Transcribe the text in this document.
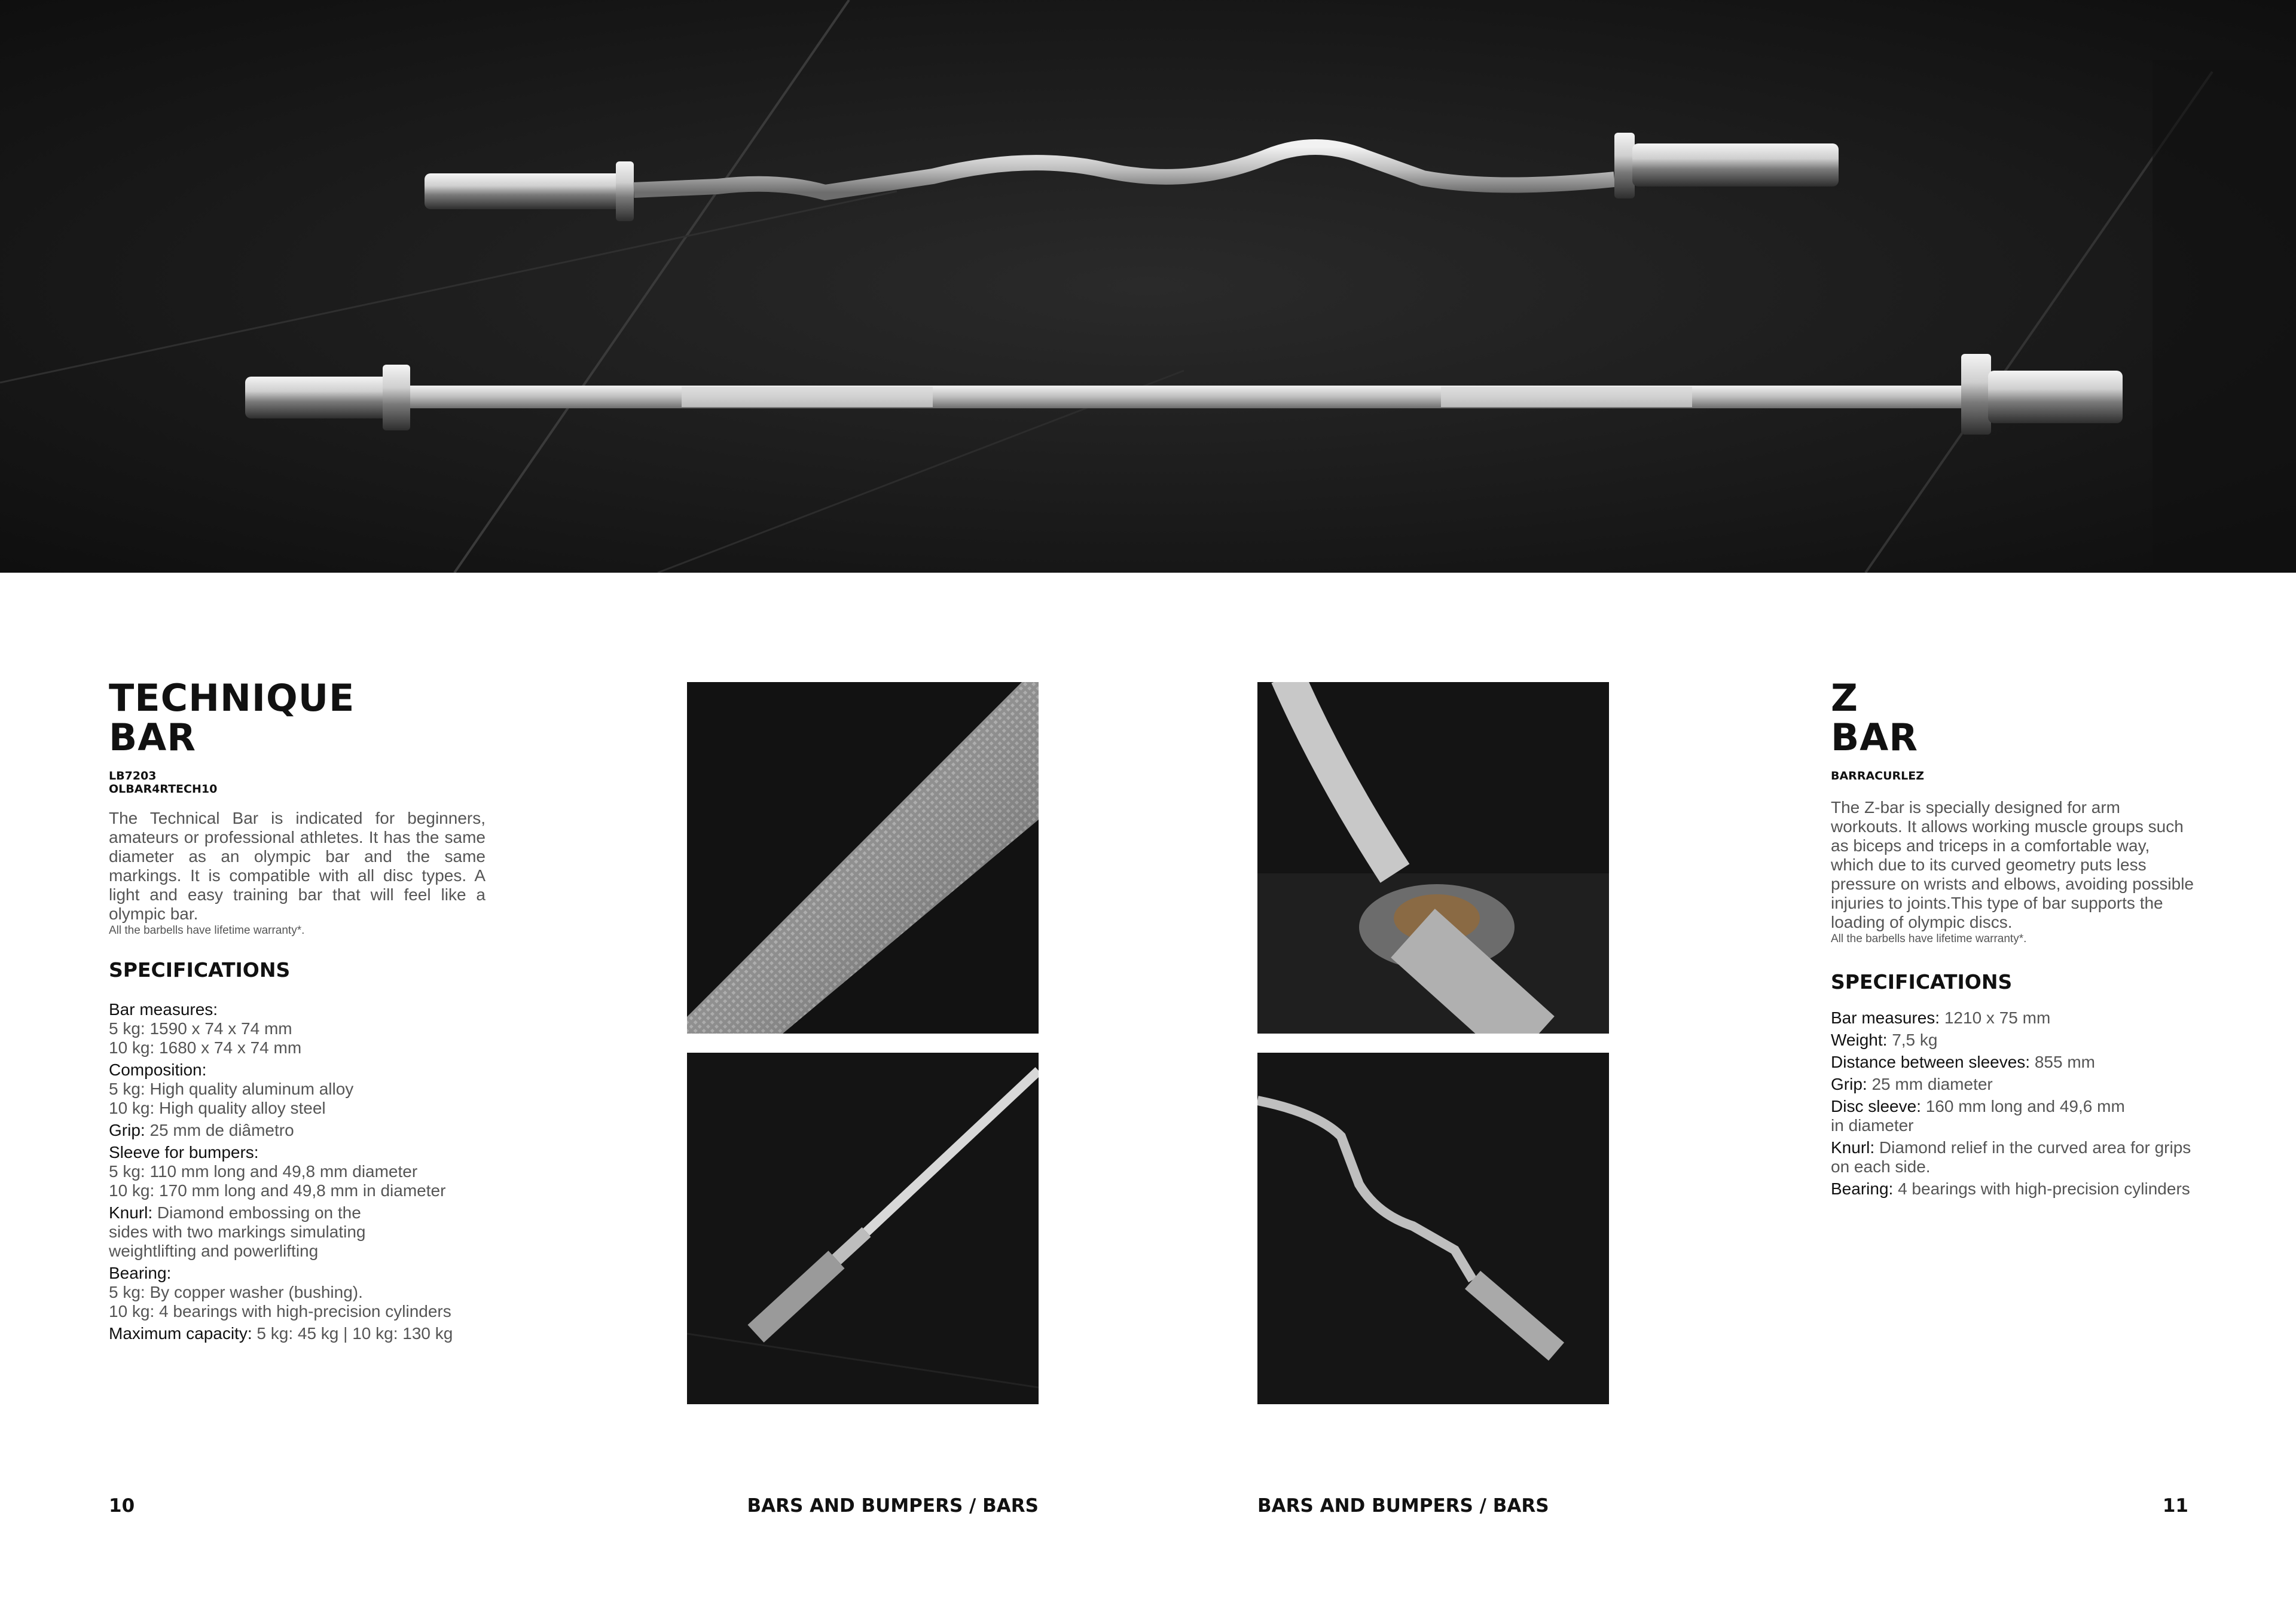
TECHNIQUE
BAR
LB7203
OLBAR4RTECH10

The Technical Bar is indicated for beginners, amateurs or professional athletes. It has the same diameter as an olympic bar and the same markings. It is compatible with all disc types. A light and easy training bar that will feel like a olympic bar.

All the barbells have lifetime warranty*.
SPECIFICATIONS
Bar measures:
5 kg: 1590 x 74 x 74 mm
10 kg: 1680 x 74 x 74 mm
Composition:
5 kg: High quality aluminum alloy
10 kg: High quality alloy steel
Grip: 25 mm de diâmetro
Sleeve for bumpers:
5 kg: 110 mm long and 49,8 mm diameter
10 kg: 170 mm long and 49,8 mm in diameter
Knurl: Diamond embossing on the sides with two markings simulating weightlifting and powerlifting
Bearing:
5 kg: By copper washer (bushing).
10 kg: 4 bearings with high-precision cylinders
Maximum capacity: 5 kg: 45 kg | 10 kg: 130 kg
Z
BAR
BARRACURLEZ

The Z-bar is specially designed for arm workouts. It allows working muscle groups such as biceps and triceps in a comfortable way, which due to its curved geometry puts less pressure on wrists and elbows, avoiding possible injuries to joints.This type of bar supports the loading of olympic discs.

All the barbells have lifetime warranty*.
SPECIFICATIONS
Bar measures: 1210 x 75 mm
Weight: 7,5 kg
Distance between sleeves: 855 mm
Grip: 25 mm diameter
Disc sleeve: 160 mm long and 49,6 mm in diameter
Knurl: Diamond relief in the curved area for grips on each side.
Bearing: 4 bearings with high-precision cylinders
10	BARS AND BUMPERS / BARS	BARS AND BUMPERS / BARS	11
